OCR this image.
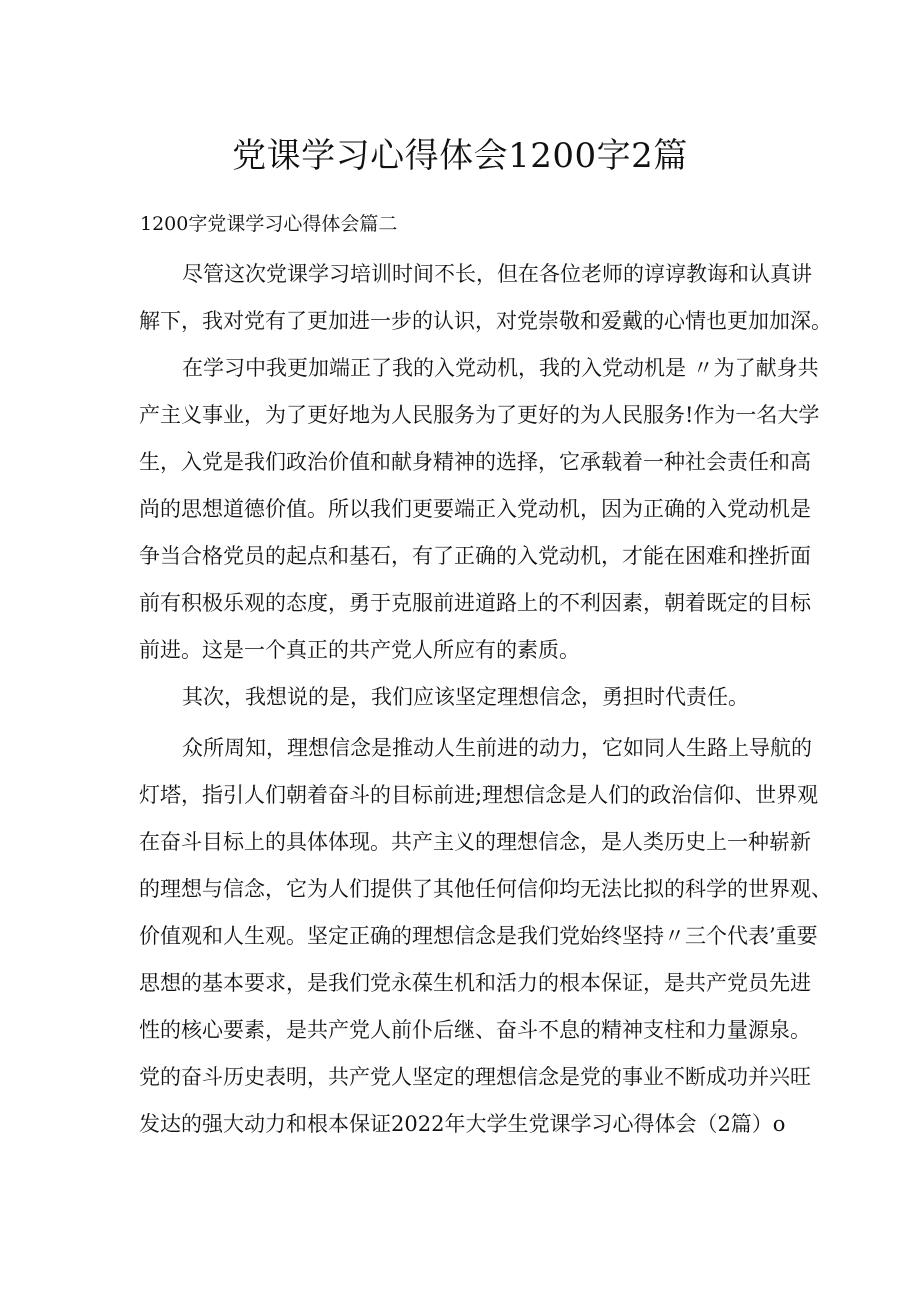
党课学习心得体会1200字2篇
1200字党课学习心得体会篇二
尽管这次党课学习培训时间不长，但在各位老师的谆谆教诲和认真讲
解下，我对党有了更加进一步的认识，对党崇敬和爱戴的心情也更加加深。
在学习中我更加端正了我的入党动机，我的入党动机是 〃为了献身共
产主义事业，为了更好地为人民服务为了更好的为人民服务!作为一名大学
生，入党是我们政治价值和献身精神的选择，它承载着一种社会责任和高
尚的思想道德价值。所以我们更要端正入党动机，因为正确的入党动机是
争当合格党员的起点和基石，有了正确的入党动机，才能在困难和挫折面
前有积极乐观的态度，勇于克服前进道路上的不利因素，朝着既定的目标
前进。这是一个真正的共产党人所应有的素质。
其次，我想说的是，我们应该坚定理想信念，勇担时代责任。
众所周知，理想信念是推动人生前进的动力，它如同人生路上导航的
灯塔，指引人们朝着奋斗的目标前进;理想信念是人们的政治信仰、世界观
在奋斗目标上的具体体现。共产主义的理想信念，是人类历史上一种崭新
的理想与信念，它为人们提供了其他任何信仰均无法比拟的科学的世界观、
价值观和人生观。坚定正确的理想信念是我们党始终坚持〃三个代表’重要
思想的基本要求，是我们党永葆生机和活力的根本保证，是共产党员先进
性的核心要素，是共产党人前仆后继、奋斗不息的精神支柱和力量源泉。
党的奋斗历史表明，共产党人坚定的理想信念是党的事业不断成功并兴旺
发达的强大动力和根本保证2022年大学生党课学习心得体会（2篇）o
